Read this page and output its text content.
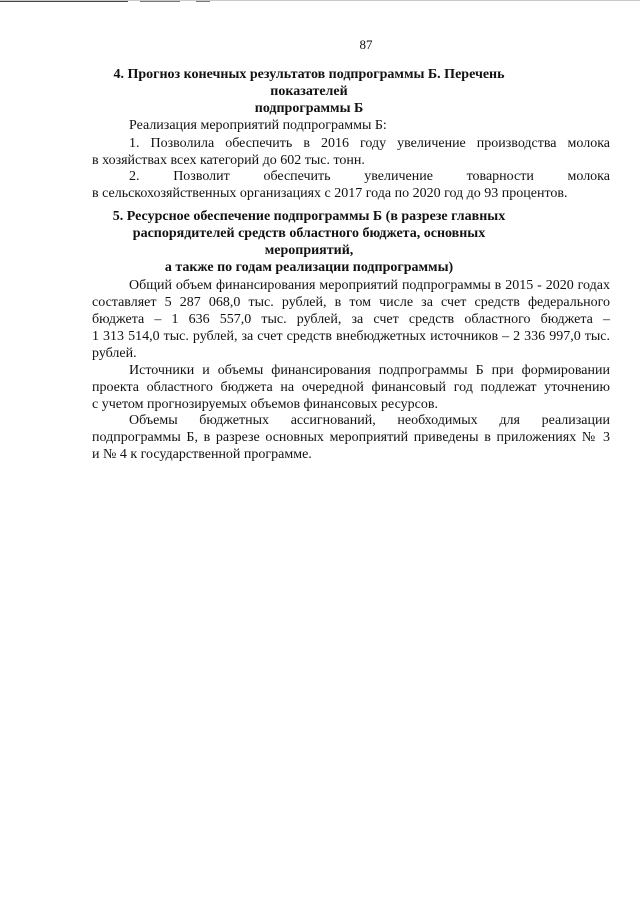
87
4. Прогноз конечных результатов подпрограммы Б. Перечень показателей
подпрограммы Б
Реализация мероприятий подпрограммы Б:
1. Позволила обеспечить в 2016 году увеличение производства молока
в хозяйствах всех категорий до 602 тыс. тонн.
2. Позволит обеспечить увеличение товарности молока
в сельскохозяйственных организациях с 2017 года по 2020 год до 93 процентов.
5. Ресурсное обеспечение подпрограммы Б (в разрезе главных
распорядителей средств областного бюджета, основных мероприятий,
а также по годам реализации подпрограммы)
Общий объем финансирования мероприятий подпрограммы в 2015 - 2020 годах
составляет 5 287 068,0 тыс. рублей, в том числе за счет средств федерального
бюджета – 1 636 557,0 тыс. рублей, за счет средств областного бюджета –
1 313 514,0 тыс. рублей, за счет средств внебюджетных источников – 2 336 997,0 тыс.
рублей.
Источники и объемы финансирования подпрограммы Б при формировании
проекта областного бюджета на очередной финансовый год подлежат уточнению
с учетом прогнозируемых объемов финансовых ресурсов.
Объемы бюджетных ассигнований, необходимых для реализации
подпрограммы Б, в разрезе основных мероприятий приведены в приложениях № 3
и № 4 к государственной программе.
